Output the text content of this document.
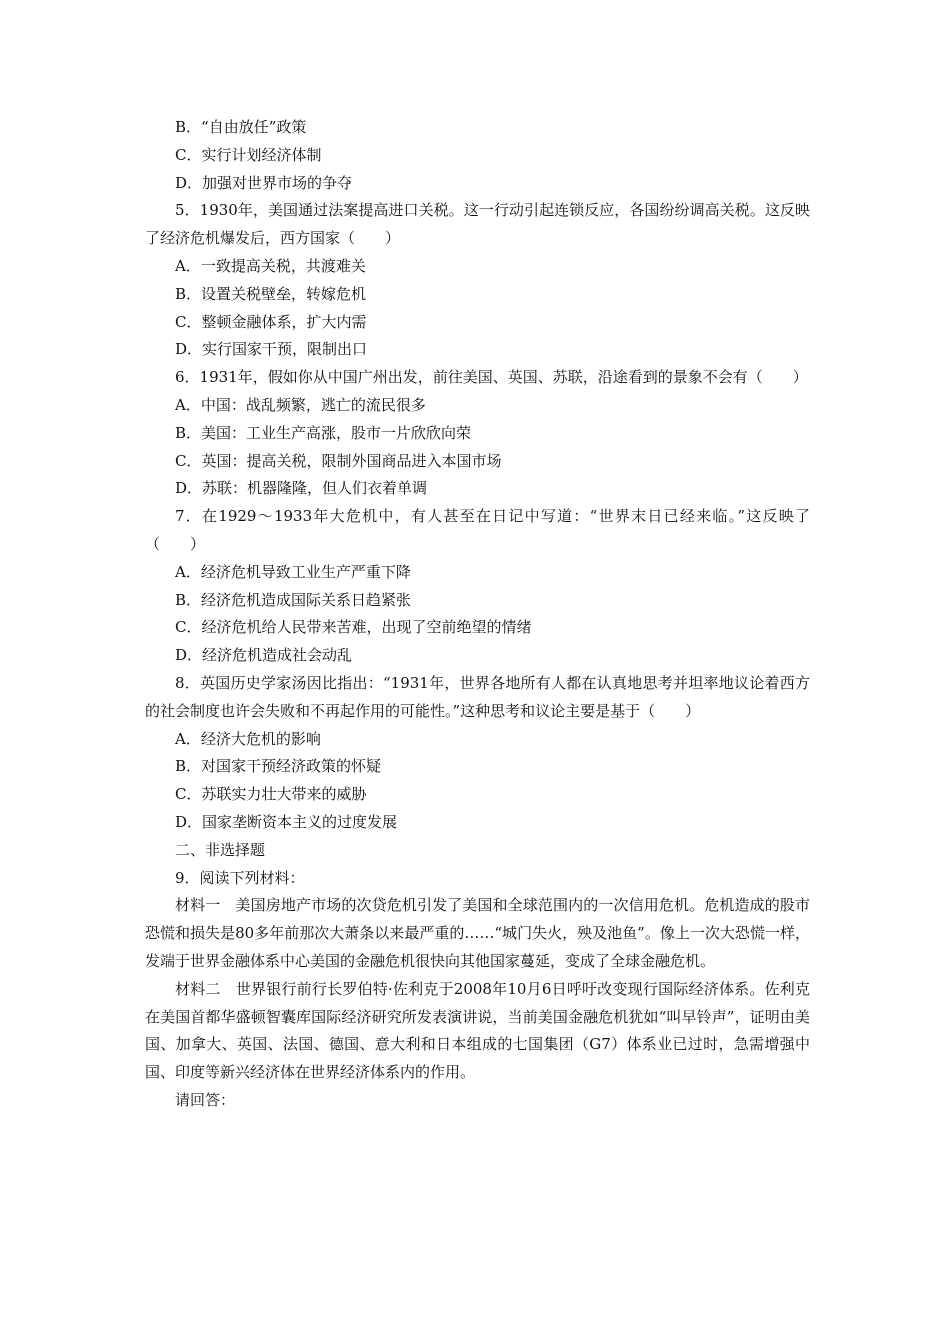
B．“自由放任”政策
C．实行计划经济体制
D．加强对世界市场的争夺
5．1930年，美国通过法案提高进口关税。这一行动引起连锁反应，各国纷纷调高关税。这反映了经济危机爆发后，西方国家（　　）
A．一致提高关税，共渡难关
B．设置关税壁垒，转嫁危机
C．整顿金融体系，扩大内需
D．实行国家干预，限制出口
6．1931年，假如你从中国广州出发，前往美国、英国、苏联，沿途看到的景象不会有（　　）
A．中国：战乱频繁，逃亡的流民很多
B．美国：工业生产高涨，股市一片欣欣向荣
C．英国：提高关税，限制外国商品进入本国市场
D．苏联：机器隆隆，但人们衣着单调
7．在1929～1933年大危机中，有人甚至在日记中写道：“世界末日已经来临。”这反映了（　　）
A．经济危机导致工业生产严重下降
B．经济危机造成国际关系日趋紧张
C．经济危机给人民带来苦难，出现了空前绝望的情绪
D．经济危机造成社会动乱
8．英国历史学家汤因比指出：“1931年，世界各地所有人都在认真地思考并坦率地议论着西方的社会制度也许会失败和不再起作用的可能性。”这种思考和议论主要是基于（　　）
A．经济大危机的影响
B．对国家干预经济政策的怀疑
C．苏联实力壮大带来的威胁
D．国家垄断资本主义的过度发展
二、非选择题
9．阅读下列材料：
材料一　美国房地产市场的次贷危机引发了美国和全球范围内的一次信用危机。危机造成的股市恐慌和损失是80多年前那次大萧条以来最严重的……“城门失火，殃及池鱼”。像上一次大恐慌一样，发端于世界金融体系中心美国的金融危机很快向其他国家蔓延，变成了全球金融危机。
材料二　世界银行前行长罗伯特·佐利克于2008年10月6日呼吁改变现行国际经济体系。佐利克在美国首都华盛顿智囊库国际经济研究所发表演讲说，当前美国金融危机犹如“叫早铃声”，证明由美国、加拿大、英国、法国、德国、意大利和日本组成的七国集团（G7）体系业已过时，急需增强中国、印度等新兴经济体在世界经济体系内的作用。
请回答：
